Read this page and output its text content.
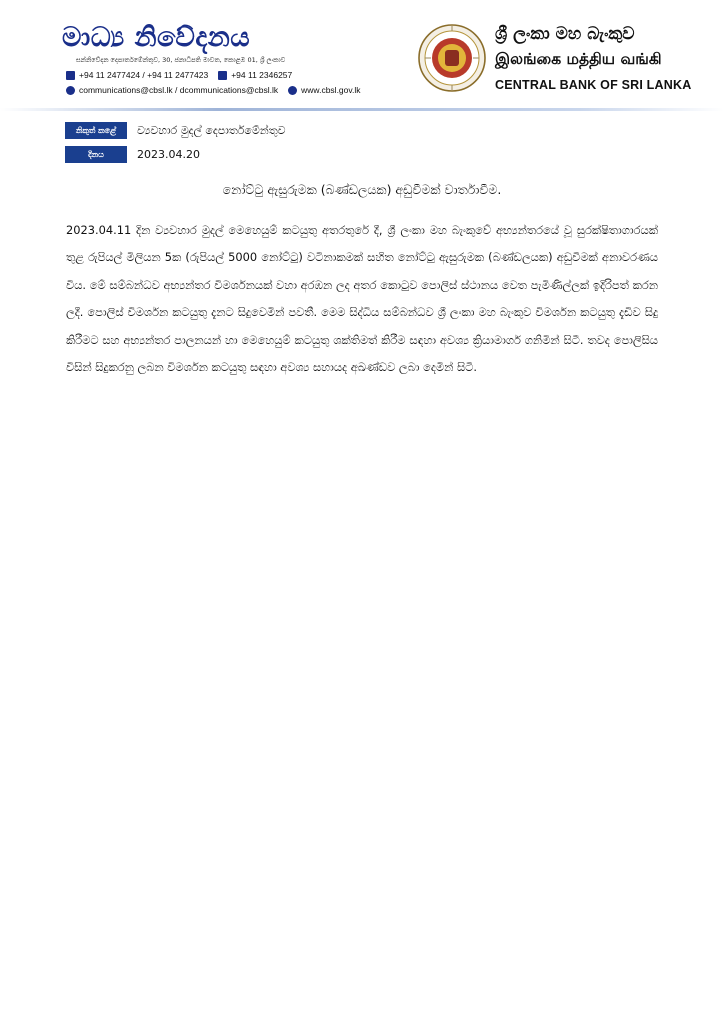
මාධ්‍ය නිවේදනය
සන්නිවේදන දෙපාර්තමේන්තුව, 30, ජනාධිපති මාවත, කොළඹ 01, ශ්‍රී ලංකාව
+94 11 2477424 / +94 11 2477423	+94 11 2346257
communications@cbsl.lk / dcommunications@cbsl.lk	www.cbsl.gov.lk
ශ්‍රී ලංකා මහ බැංකුව
இலங்கை மத்திய வங்கி
CENTRAL BANK OF SRI LANKA
නිකුත් කළේ	ව්‍යවහාර මුදල් දෙපාර්තමේන්තුව
දිනය	2023.04.20
නෝට්ටු ඇසුරුමක (බණ්ඩලයක) අඩුවීමක් වාර්තාවීම.

2023.04.11 දින ව්‍යවහාර මුදල් මෙහෙයුම් කටයුතු අතරතුරේ දී, ශ්‍රී ලංකා මහ බැංකුවේ අභ්‍යන්තරයේ වූ සුරක්ෂිතාගාරයක් තුළ රුපියල් මිලියන 5ක (රුපියල් 5000 නෝට්ටු) වටිනාකමක් සහිත නෝට්ටු ඇසුරුමක (බණ්ඩලයක) අඩුවීමක් අනාවරණය විය. මේ සම්බන්ධව අභ්‍යන්තර විමර්ශනයක් වහා අරඹන ලද අතර කොටුව පොලිස් ස්ථානය වෙත පැමිණිල්ලක් ඉදිරිපත් කරන ලදී. පොලිස් විමර්ශන කටයුතු දැනට සිදුවෙමින් පවතී. මෙම සිද්ධිය සම්බන්ධව ශ්‍රී ලංකා මහ බැංකුව විමර්ශන කටයුතු දැඩිව සිදු කිරීමට සහ අභ්‍යන්තර පාලනයන් හා මෙහෙයුම් කටයුතු ශක්තිමත් කිරීම සඳහා අවශ්‍ය ක්‍රියාමාර්ග ගනිමින් සිටී. තවද පොලිසිය විසින් සිදුකරනු ලබන විමර්ශන කටයුතු සඳහා අවශ්‍ය සහායද අඛණ්ඩව ලබා දෙමින් සිටී.
